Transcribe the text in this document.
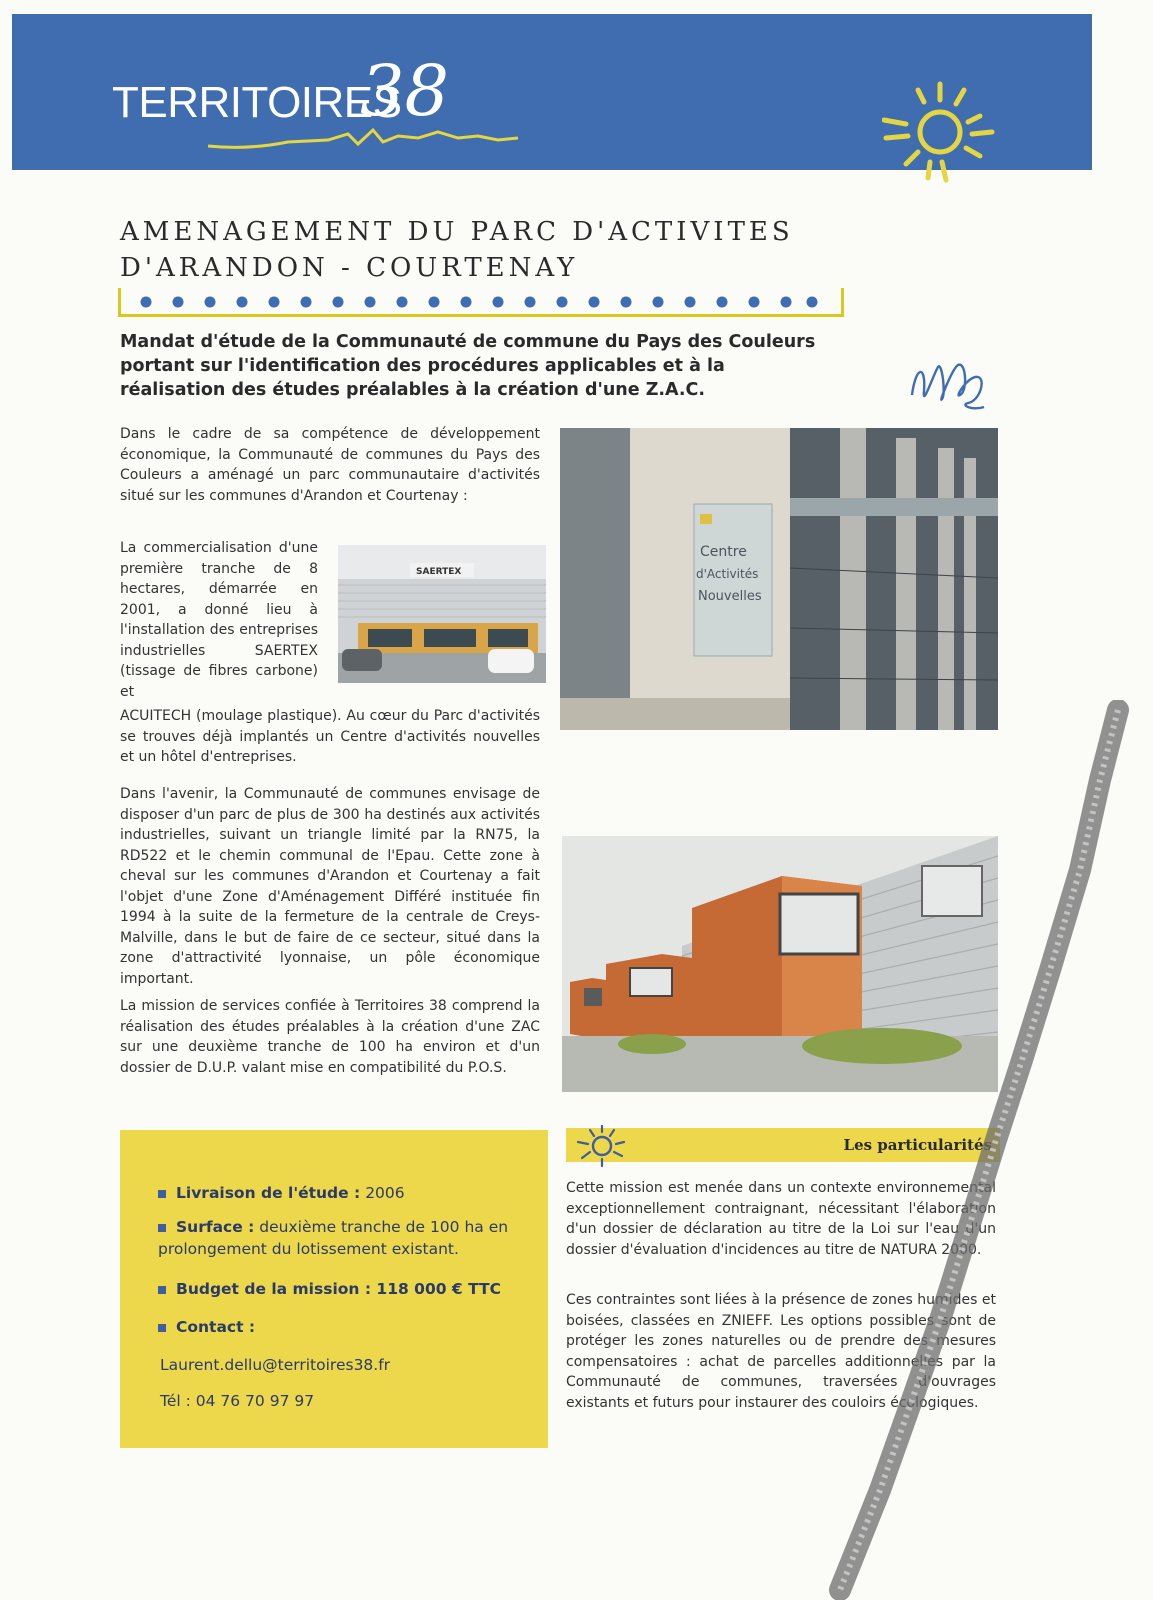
TERRITOIRES
38
AMENAGEMENT DU PARC D'ACTIVITES
D'ARANDON - COURTENAY
Mandat d'étude de la Communauté de commune du Pays des Couleurs portant sur l'identification des procédures applicables et à la réalisation des études préalables à la création d'une Z.A.C.

Dans le cadre de sa compétence de développement économique, la Communauté de communes du Pays des Couleurs a aménagé un parc communautaire d'activités situé sur les communes d'Arandon et Courtenay :

La commercialisation d'une première tranche de 8 hectares, démarrée en 2001, a donné lieu à l'installation des entreprises industrielles SAERTEX (tissage de fibres carbone) et

ACUITECH (moulage plastique). Au cœur du Parc d'activités se trouves déjà implantés un Centre d'activités nouvelles et un hôtel d'entreprises.

Dans l'avenir, la Communauté de communes envisage de disposer d'un parc de plus de 300 ha destinés aux activités industrielles, suivant un triangle limité par la RN75, la RD522 et le chemin communal de l'Epau. Cette zone à cheval sur les communes d'Arandon et Courtenay a fait l'objet d'une Zone d'Aménagement Différé instituée fin 1994 à la suite de la fermeture de la centrale de Creys-Malville, dans le but de faire de ce secteur, situé dans la zone d'attractivité lyonnaise, un pôle économique important.

La mission de services confiée à Territoires 38 comprend la réalisation des études préalables à la création d'une ZAC sur une deuxième tranche de 100 ha environ et d'un dossier de D.U.P. valant mise en compatibilité du P.O.S.

SAERTEX
Centre
d'Activités
Nouvelles
Livraison de l'étude : 2006
Surface : deuxième tranche de 100 ha en prolongement du lotissement existant.
Budget de la mission : 118 000 € TTC
Contact :
Laurent.dellu@territoires38.fr
Tél : 04 76 70 97 97
Les particularités

Cette mission est menée dans un contexte environnemental exceptionnellement contraignant, nécessitant l'élaboration d'un dossier de déclaration au titre de la Loi sur l'eau d'un dossier d'évaluation d'incidences au titre de NATURA 2000.

Ces contraintes sont liées à la présence de zones humides et boisées, classées en ZNIEFF. Les options possibles sont de protéger les zones naturelles ou de prendre des mesures compensatoires : achat de parcelles additionnelles par la Communauté de communes, traversées d'ouvrages existants et futurs pour instaurer des couloirs écologiques.
